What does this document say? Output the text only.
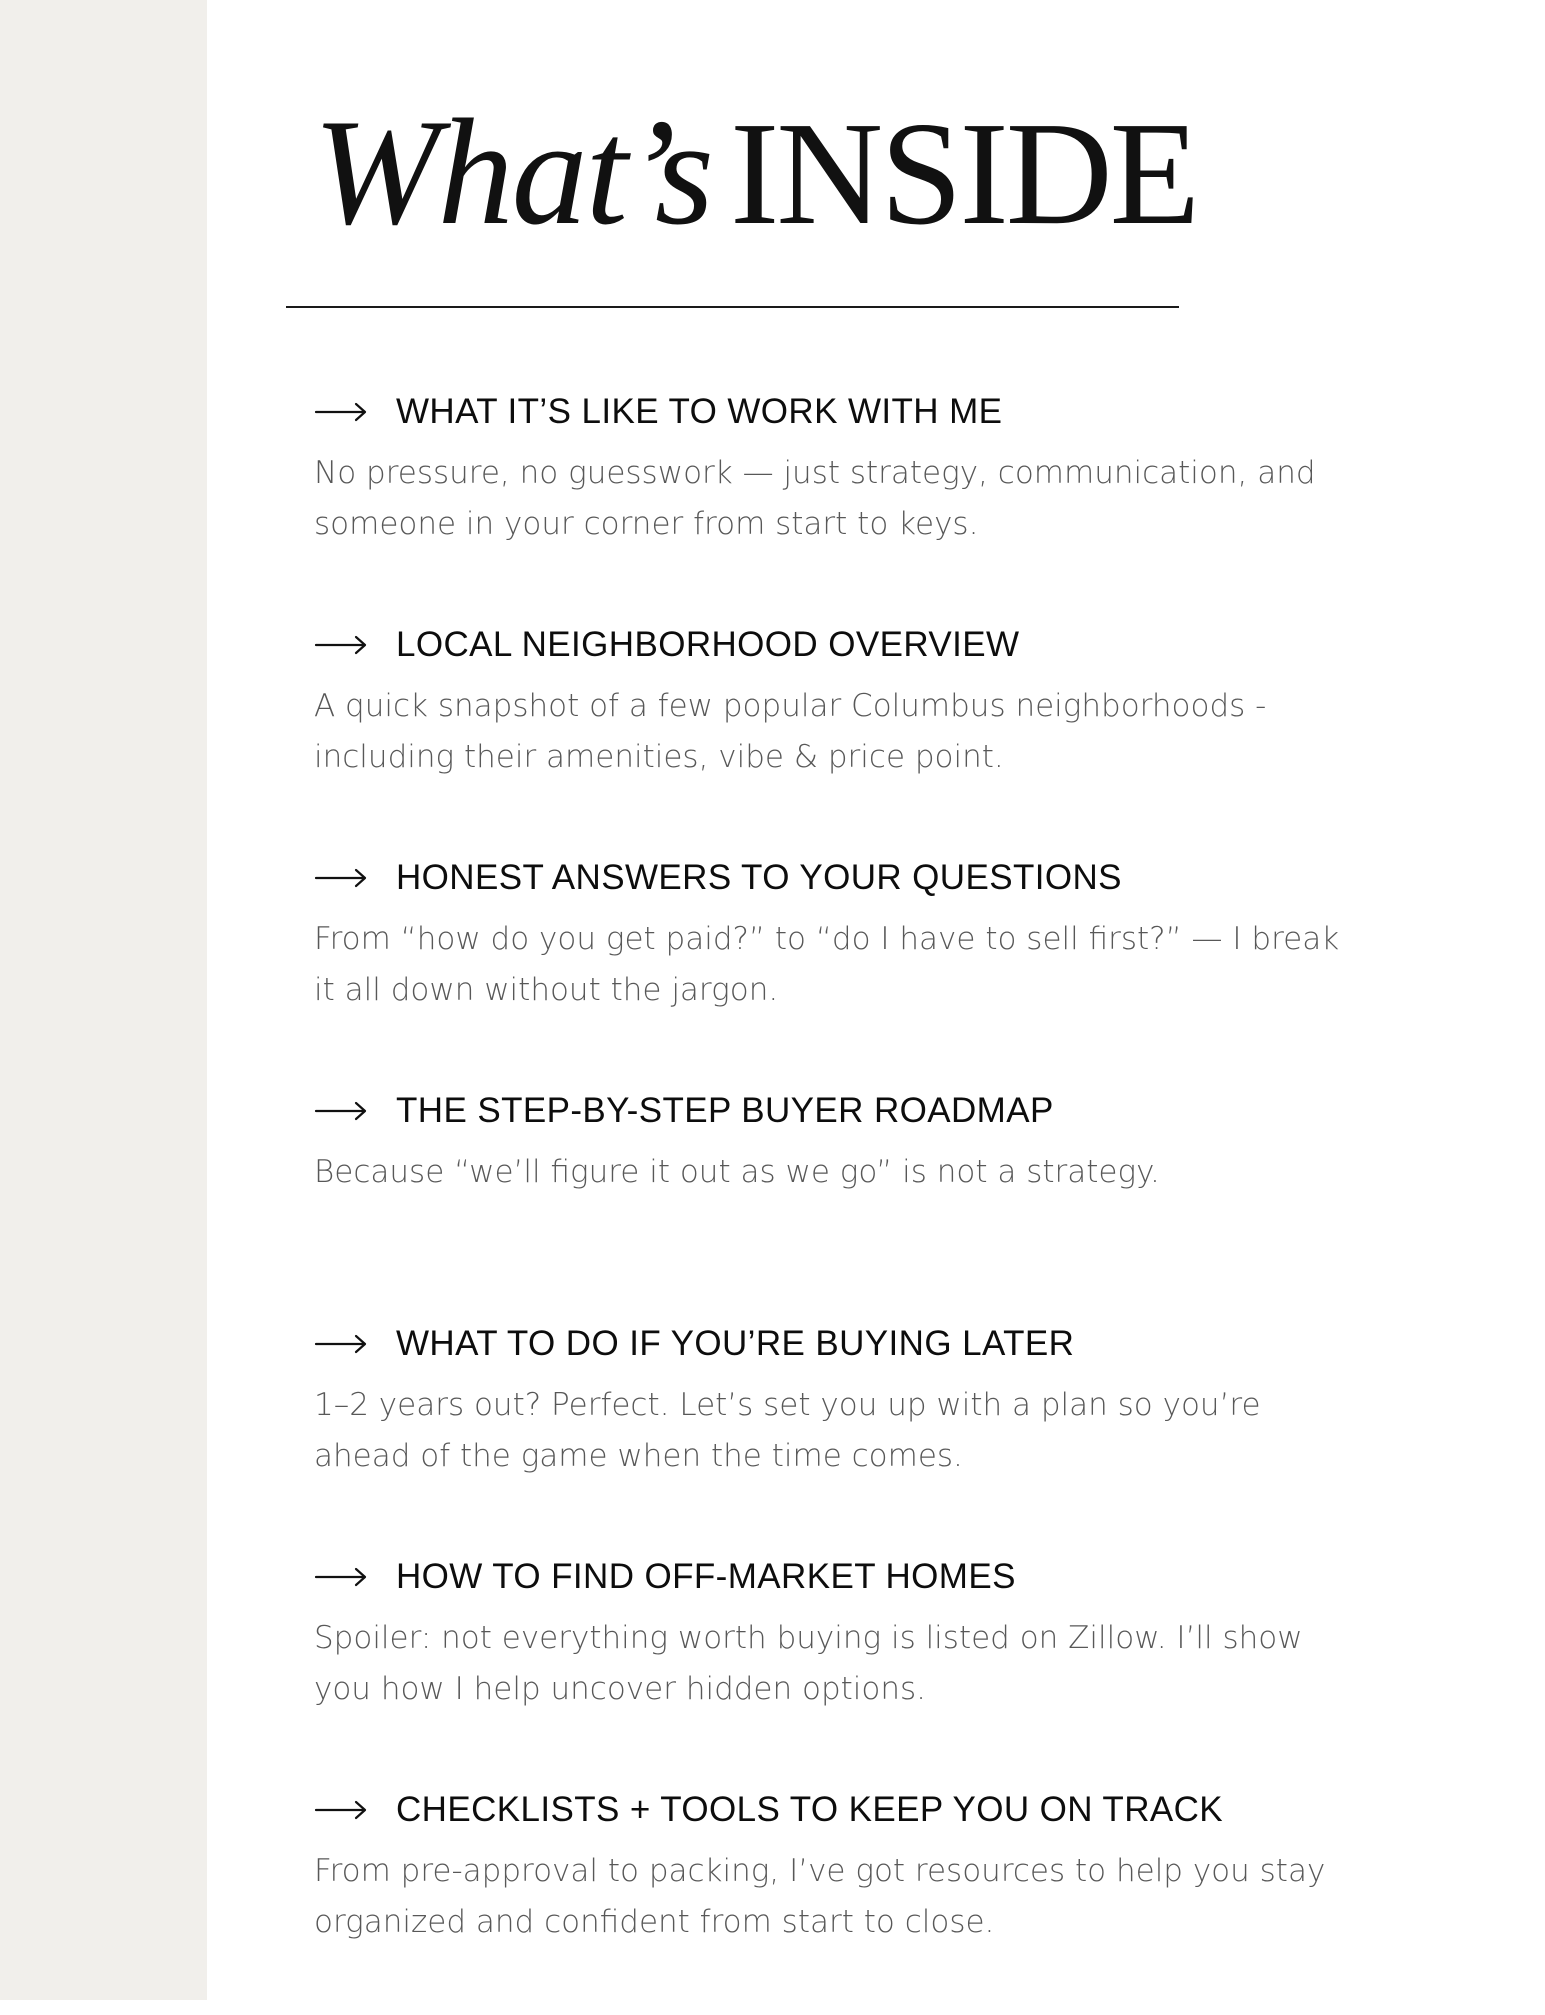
What’s INSIDE
WHAT IT’S LIKE TO WORK WITH ME

No pressure, no guesswork — just strategy, communication, and someone in your corner from start to keys.

LOCAL NEIGHBORHOOD OVERVIEW

A quick snapshot of a few popular Columbus neighborhoods - including their amenities, vibe & price point.

HONEST ANSWERS TO YOUR QUESTIONS

From “how do you get paid?” to “do I have to sell first?” — I break it all down without the jargon.

THE STEP-BY-STEP BUYER ROADMAP

Because “we’ll figure it out as we go” is not a strategy.

WHAT TO DO IF YOU’RE BUYING LATER

1–2 years out? Perfect. Let’s set you up with a plan so you’re ahead of the game when the time comes.

HOW TO FIND OFF-MARKET HOMES

Spoiler: not everything worth buying is listed on Zillow. I’ll show you how I help uncover hidden options.

CHECKLISTS + TOOLS TO KEEP YOU ON TRACK

From pre-approval to packing, I’ve got resources to help you stay organized and confident from start to close.
